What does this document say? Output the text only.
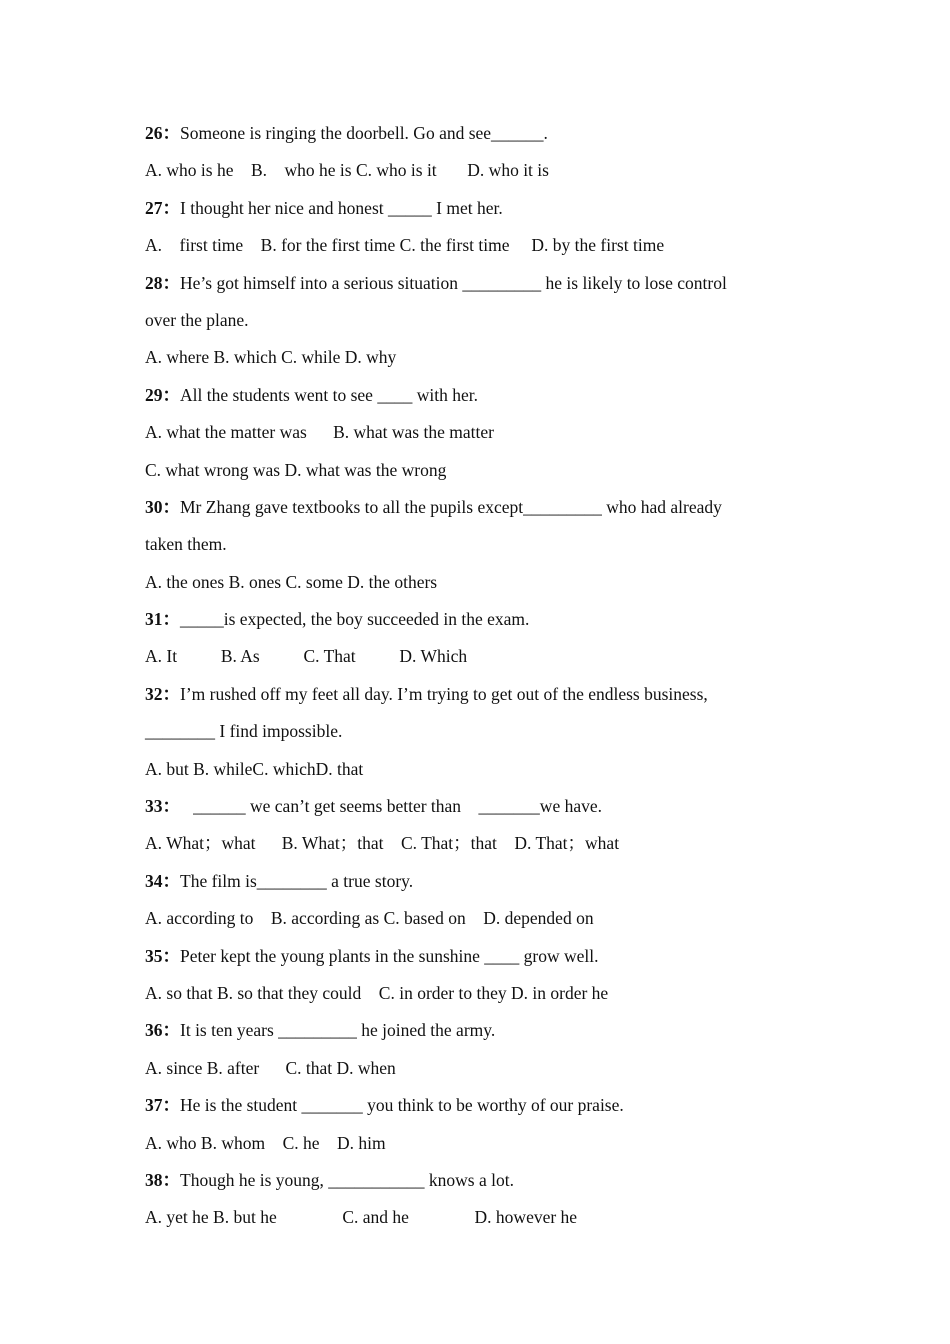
26：Someone is ringing the doorbell. Go and see______.
A. who is he    B.    who he is C. who is it       D. who it is
27：I thought her nice and honest _____ I met her.
A.    first time    B. for the first time C. the first time     D. by the first time
28：He’s got himself into a serious situation _________ he is likely to lose control
over the plane.
A. where B. which C. while D. why
29：All the students went to see ____ with her.
A. what the matter was      B. what was the matter
C. what wrong was D. what was the wrong
30：Mr Zhang gave textbooks to all the pupils except_________ who had already
taken them.
A. the ones B. ones C. some D. the others
31：_____is expected, the boy succeeded in the exam.
A. It          B. As          C. That          D. Which
32：I’m rushed off my feet all day. I’m trying to get out of the endless business,
________ I find impossible.
A. but B. whileC. whichD. that
33：   ______ we can’t get seems better than    _______we have.
A. What；what      B. What；that    C. That；that    D. That；what
34：The film is________ a true story.
A. according to    B. according as C. based on    D. depended on
35：Peter kept the young plants in the sunshine ____ grow well.
A. so that B. so that they could    C. in order to they D. in order he
36：It is ten years _________ he joined the army.
A. since B. after      C. that D. when
37：He is the student _______ you think to be worthy of our praise.
A. who B. whom    C. he    D. him
38：Though he is young, ___________ knows a lot.
A. yet he B. but he               C. and he               D. however he
